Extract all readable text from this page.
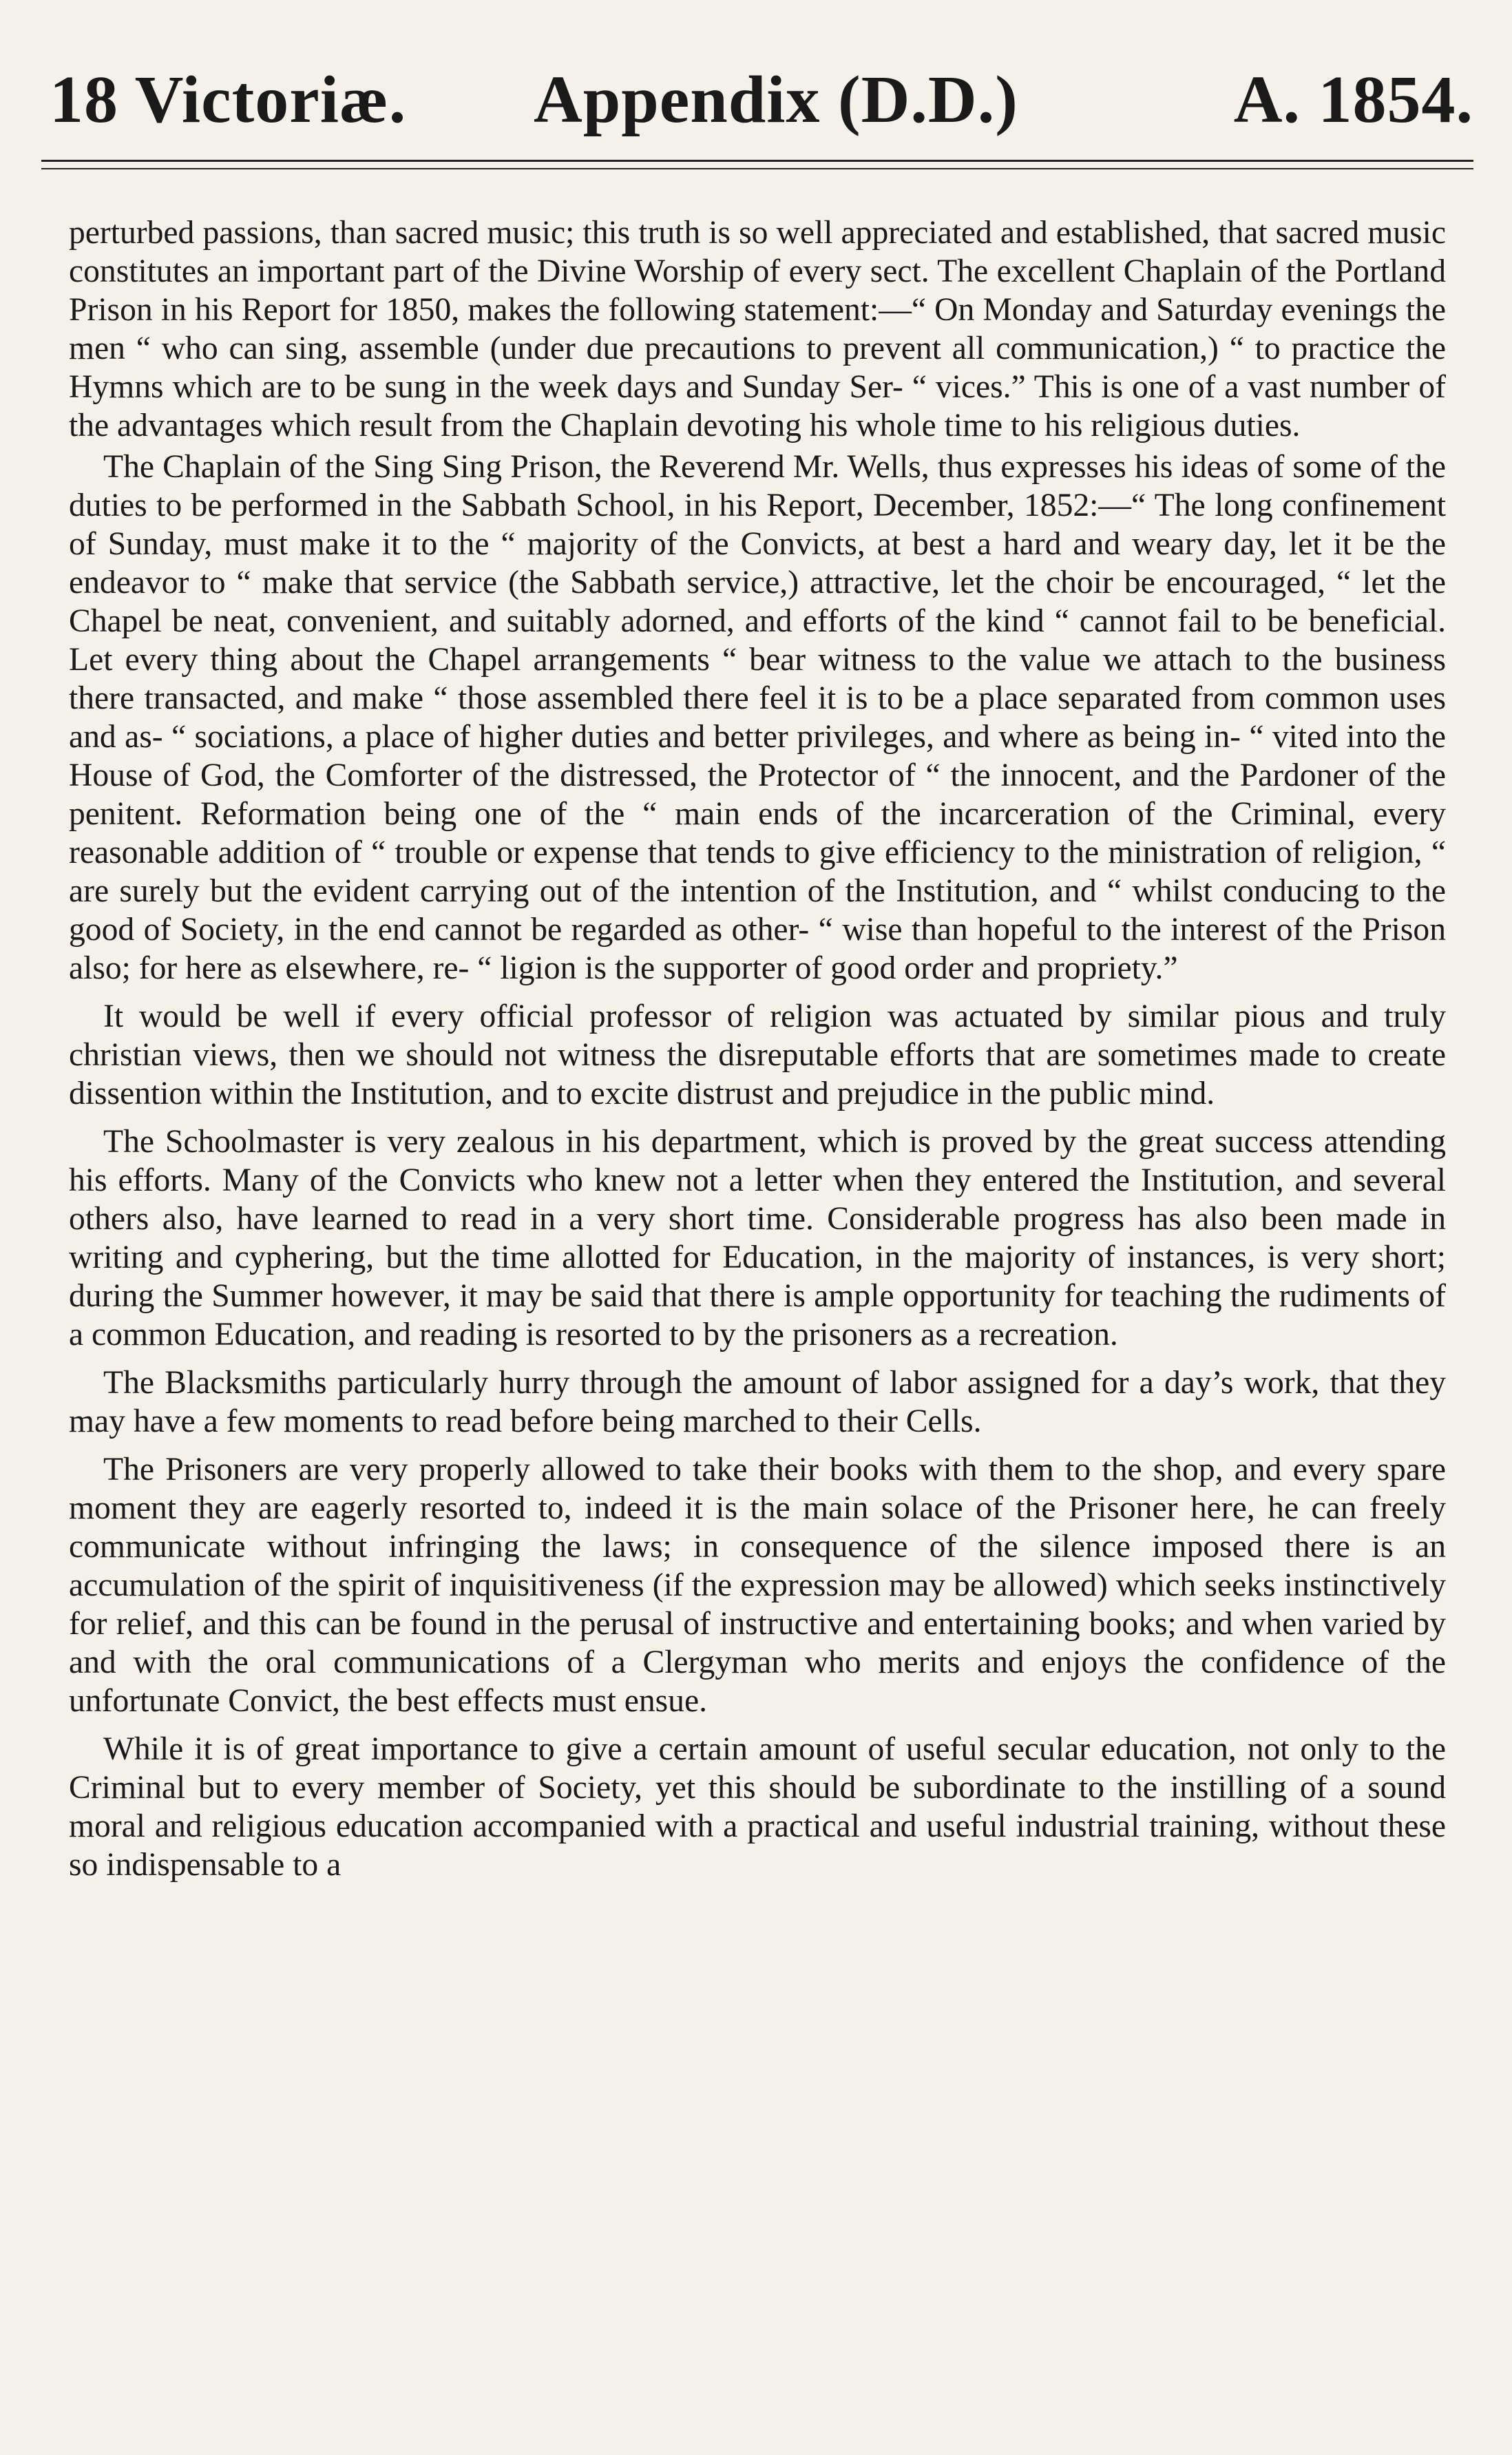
18 Victoriæ. Appendix (D.D.)	A. 1854.

perturbed passions, than sacred music; this truth is so well appreciated and established, that sacred music constitutes an important part of the Divine Worship of every sect. The excellent Chaplain of the Portland Prison in his Report for 1850, makes the following statement:—“ On Monday and Saturday evenings the men “ who can sing, assemble (under due precautions to prevent all communication,) “ to practice the Hymns which are to be sung in the week days and Sunday Ser- “ vices.” This is one of a vast number of the advantages which result from the Chaplain devoting his whole time to his religious duties.

The Chaplain of the Sing Sing Prison, the Reverend Mr. Wells, thus expresses his ideas of some of the duties to be performed in the Sabbath School, in his Report, December, 1852:—“ The long confinement of Sunday, must make it to the “ majority of the Convicts, at best a hard and weary day, let it be the endeavor to “ make that service (the Sabbath service,) attractive, let the choir be encouraged, “ let the Chapel be neat, convenient, and suitably adorned, and efforts of the kind “ cannot fail to be beneficial. Let every thing about the Chapel arrangements “ bear witness to the value we attach to the business there transacted, and make “ those assembled there feel it is to be a place separated from common uses and as- “ sociations, a place of higher duties and better privileges, and where as being in- “ vited into the House of God, the Comforter of the distressed, the Protector of “ the innocent, and the Pardoner of the penitent. Reformation being one of the “ main ends of the incarceration of the Criminal, every reasonable addition of “ trouble or expense that tends to give efficiency to the ministration of religion, “ are surely but the evident carrying out of the intention of the Institution, and “ whilst conducing to the good of Society, in the end cannot be regarded as other- “ wise than hopeful to the interest of the Prison also; for here as elsewhere, re- “ ligion is the supporter of good order and propriety.”

It would be well if every official professor of religion was actuated by similar pious and truly christian views, then we should not witness the disreputable efforts that are sometimes made to create dissention within the Institution, and to excite distrust and prejudice in the public mind.

The Schoolmaster is very zealous in his department, which is proved by the great success attending his efforts. Many of the Convicts who knew not a letter when they entered the Institution, and several others also, have learned to read in a very short time. Considerable progress has also been made in writing and cyphering, but the time allotted for Education, in the majority of instances, is very short; during the Summer however, it may be said that there is ample opportunity for teaching the rudiments of a common Education, and reading is resorted to by the prisoners as a recreation.

The Blacksmiths particularly hurry through the amount of labor assigned for a day’s work, that they may have a few moments to read before being marched to their Cells.

The Prisoners are very properly allowed to take their books with them to the shop, and every spare moment they are eagerly resorted to, indeed it is the main solace of the Prisoner here, he can freely communicate without infringing the laws; in consequence of the silence imposed there is an accumulation of the spirit of inquisitiveness (if the expression may be allowed) which seeks instinctively for relief, and this can be found in the perusal of instructive and entertaining books; and when varied by and with the oral communications of a Clergyman who merits and enjoys the confidence of the unfortunate Convict, the best effects must ensue.

While it is of great importance to give a certain amount of useful secular education, not only to the Criminal but to every member of Society, yet this should be subordinate to the instilling of a sound moral and religious education accompanied with a practical and useful industrial training, without these so indispensable to a
